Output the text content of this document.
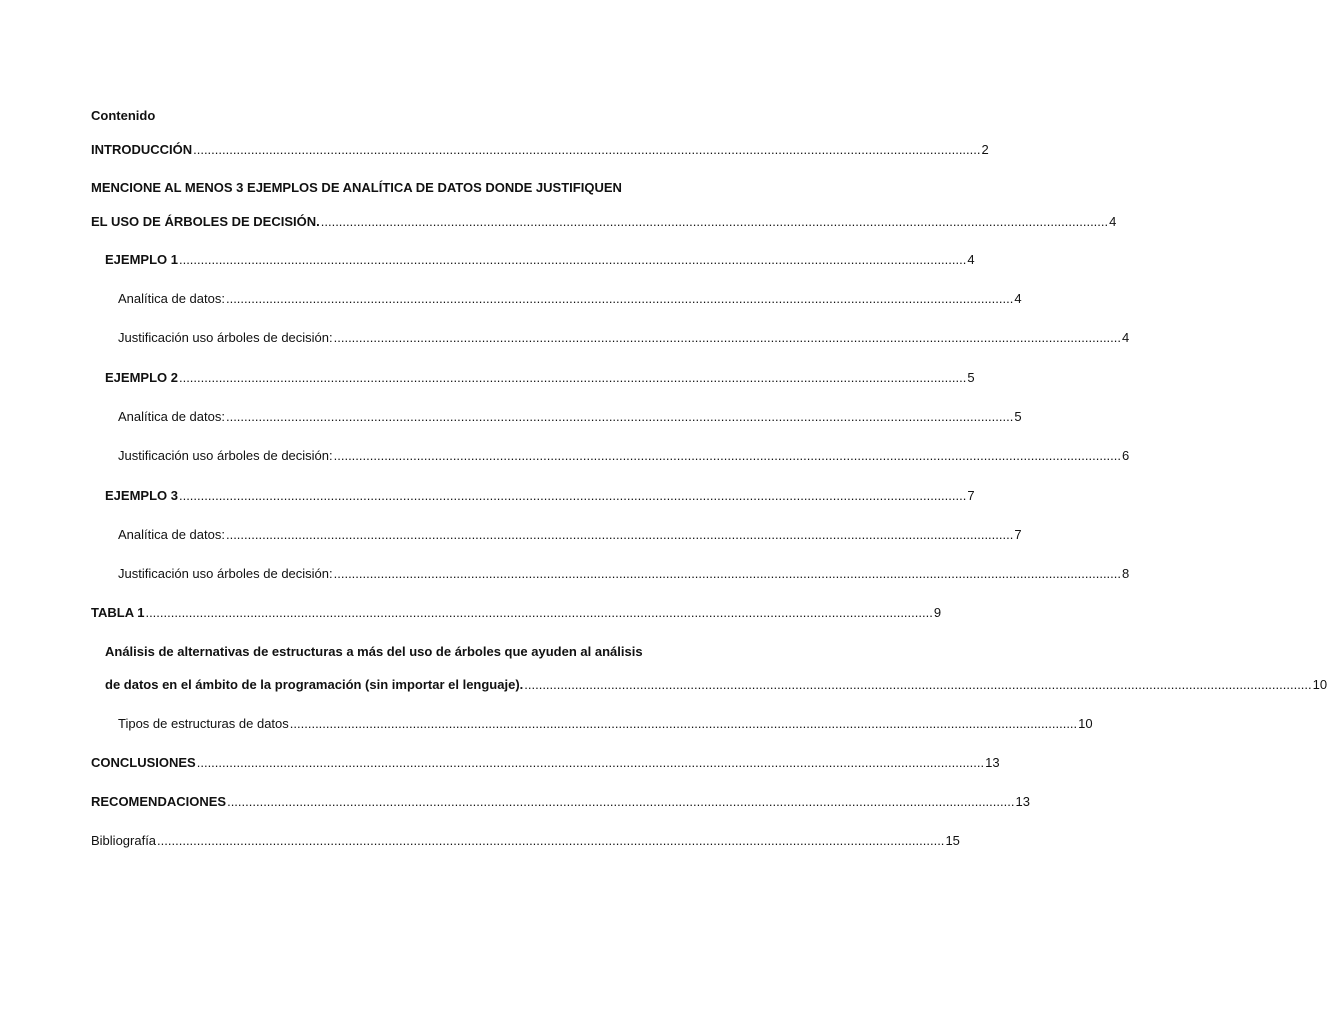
Contenido
INTRODUCCIÓN .......................................................................................................................................................................................................................... 2
MENCIONE AL MENOS 3 EJEMPLOS DE ANALÍTICA DE DATOS DONDE JUSTIFIQUEN
EL USO DE ÁRBOLES DE DECISIÓN. .......................................................................................................................................................................................................................... 4
EJEMPLO 1 .......................................................................................................................................................................................................................... 4
Analítica de datos: .......................................................................................................................................................................................................................... 4
Justificación uso árboles de decisión: .......................................................................................................................................................................................................................... 4
EJEMPLO 2 .......................................................................................................................................................................................................................... 5
Analítica de datos: .......................................................................................................................................................................................................................... 5
Justificación uso árboles de decisión: .......................................................................................................................................................................................................................... 6
EJEMPLO 3 .......................................................................................................................................................................................................................... 7
Analítica de datos: .......................................................................................................................................................................................................................... 7
Justificación uso árboles de decisión: .......................................................................................................................................................................................................................... 8
TABLA 1 .......................................................................................................................................................................................................................... 9
Análisis de alternativas de estructuras a más del uso de árboles que ayuden al análisis
de datos en el ámbito de la programación (sin importar el lenguaje). .......................................................................................................................................................................................................................... 10
Tipos de estructuras de datos .......................................................................................................................................................................................................................... 10
CONCLUSIONES .......................................................................................................................................................................................................................... 13
RECOMENDACIONES .......................................................................................................................................................................................................................... 13
Bibliografía .......................................................................................................................................................................................................................... 15
